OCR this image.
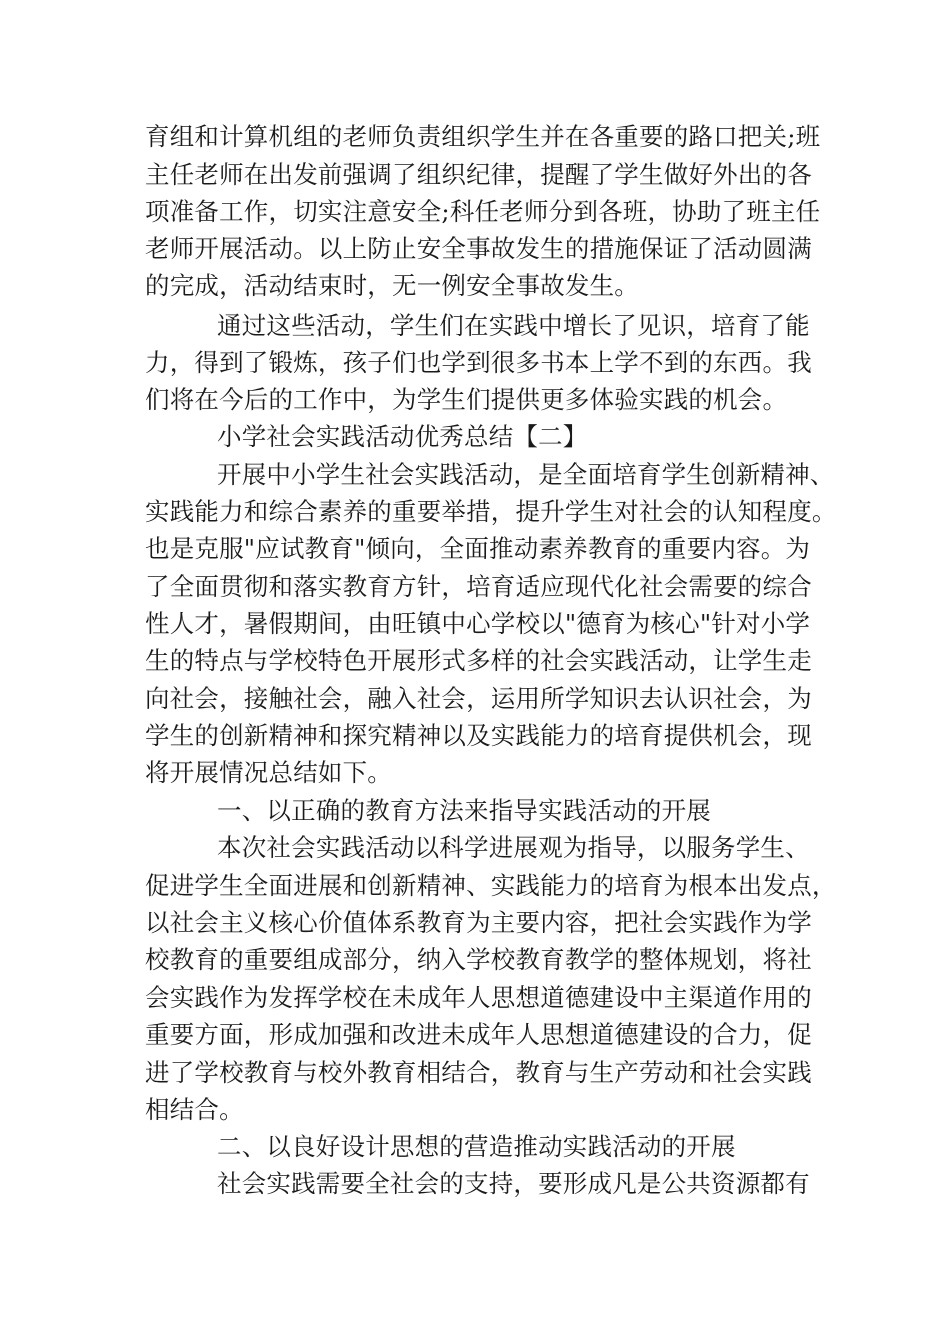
育组和计算机组的老师负责组织学生并在各重要的路口把关;班
主任老师在出发前强调了组织纪律，提醒了学生做好外出的各
项准备工作，切实注意安全;科任老师分到各班，协助了班主任
老师开展活动。以上防止安全事故发生的措施保证了活动圆满
的完成，活动结束时，无一例安全事故发生。
通过这些活动，学生们在实践中增长了见识，培育了能
力，得到了锻炼，孩子们也学到很多书本上学不到的东西。我
们将在今后的工作中，为学生们提供更多体验实践的机会。
小学社会实践活动优秀总结【二】
开展中小学生社会实践活动，是全面培育学生创新精神、
实践能力和综合素养的重要举措，提升学生对社会的认知程度。
也是克服"应试教育"倾向，全面推动素养教育的重要内容。为
了全面贯彻和落实教育方针，培育适应现代化社会需要的综合
性人才，暑假期间，由旺镇中心学校以"德育为核心"针对小学
生的特点与学校特色开展形式多样的社会实践活动，让学生走
向社会，接触社会，融入社会，运用所学知识去认识社会，为
学生的创新精神和探究精神以及实践能力的培育提供机会，现
将开展情况总结如下。
一、以正确的教育方法来指导实践活动的开展
本次社会实践活动以科学进展观为指导，以服务学生、
促进学生全面进展和创新精神、实践能力的培育为根本出发点，
以社会主义核心价值体系教育为主要内容，把社会实践作为学
校教育的重要组成部分，纳入学校教育教学的整体规划，将社
会实践作为发挥学校在未成年人思想道德建设中主渠道作用的
重要方面，形成加强和改进未成年人思想道德建设的合力，促
进了学校教育与校外教育相结合，教育与生产劳动和社会实践
相结合。
二、以良好设计思想的营造推动实践活动的开展
社会实践需要全社会的支持，要形成凡是公共资源都有
